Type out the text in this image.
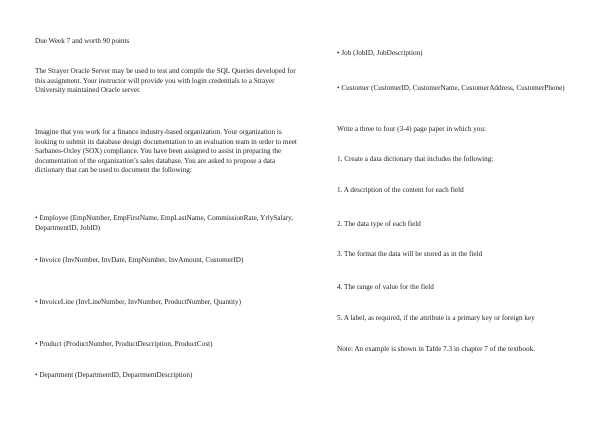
Due Week 7 and worth 90 points

The Strayer Oracle Server may be used to test and compile the SQL Queries developed for this assignment. Your instructor will provide you with login credentials to a Strayer University maintained Oracle server.

Imagine that you work for a finance industry-based organization. Your organization is looking to submit its database design documentation to an evaluation team in order to meet Sarbanes-Oxley (SOX) compliance. You have been assigned to assist in preparing the documentation of the organization’s sales database. You are asked to propose a data dictionary that can be used to document the following:

• Employee (EmpNumber, EmpFirstName, EmpLastName, CommissionRate, YrlySalary, DepartmentID, JobID)

• Invoice (InvNumber, InvDate, EmpNumber, InvAmount, CustomerID)

• InvoiceLine (InvLineNumber, InvNumber, ProductNumber, Quantity)

• Product (ProductNumber, ProductDescription, ProductCost)

• Department (DepartmentID, DepartmentDescription)

• Job (JobID, JobDescription)

• Customer (CustomerID, CustomerName, CustomerAddress, CustomerPhone)

Write a three to four (3-4) page paper in which you:

1. Create a data dictionary that includes the following:

1. A description of the content for each field

2. The data type of each field

3. The format the data will be stored as in the field

4. The range of value for the field

5. A label, as required, if the attribute is a primary key or foreign key

Note: An example is shown in Table 7.3 in chapter 7 of the textbook.
